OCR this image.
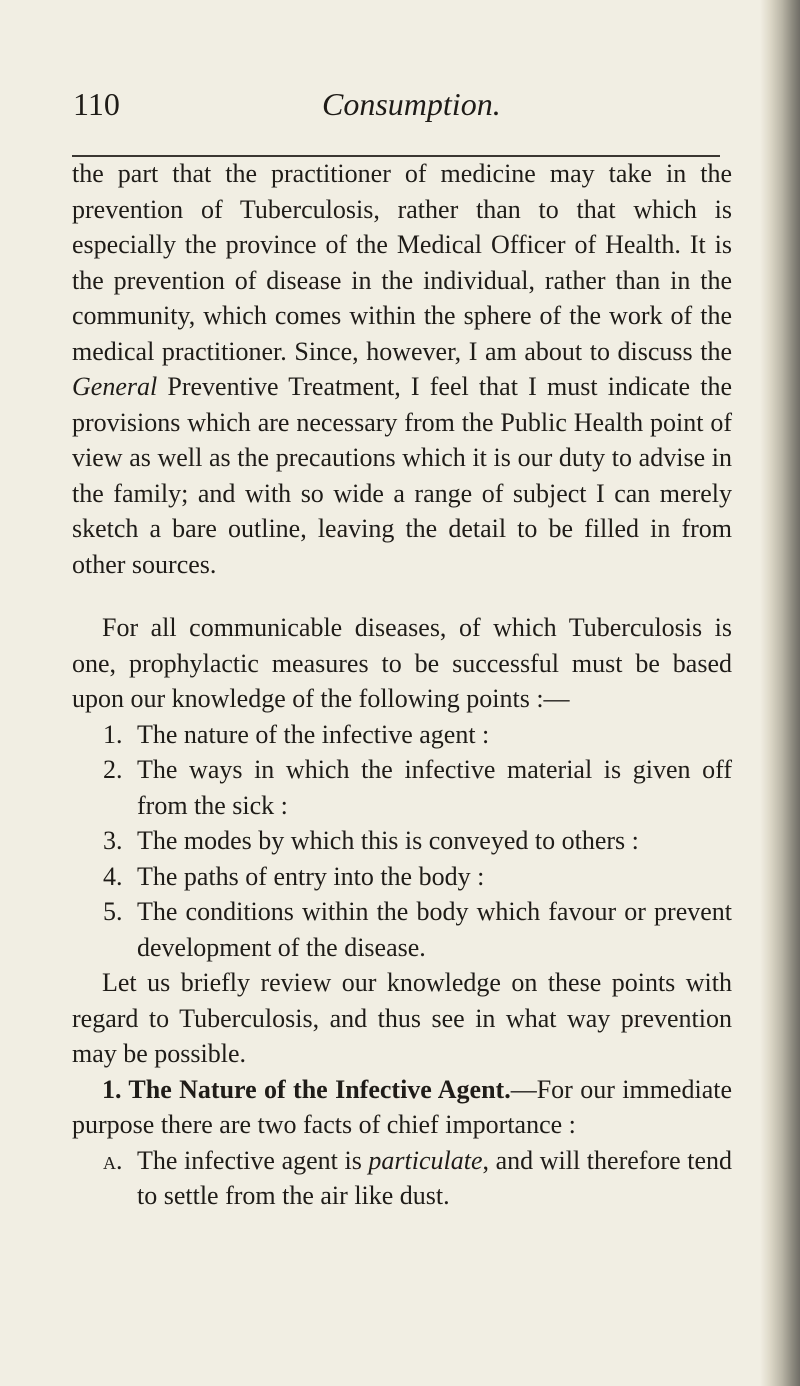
110	Consumption.

the part that the practitioner of medicine may take in the prevention of Tuberculosis, rather than to that which is especially the province of the Medical Officer of Health. It is the prevention of disease in the individual, rather than in the community, which comes within the sphere of the work of the medical practitioner. Since, however, I am about to discuss the General Preventive Treatment, I feel that I must indicate the provisions which are necessary from the Public Health point of view as well as the precautions which it is our duty to advise in the family; and with so wide a range of subject I can merely sketch a bare outline, leaving the detail to be filled in from other sources.

For all communicable diseases, of which Tuberculosis is one, prophylactic measures to be successful must be based upon our knowledge of the following points :—

1. The nature of the infective agent :
2. The ways in which the infective material is given off from the sick :
3. The modes by which this is conveyed to others :
4. The paths of entry into the body :
5. The conditions within the body which favour or prevent development of the disease.

Let us briefly review our knowledge on these points with regard to Tuberculosis, and thus see in what way prevention may be possible.

1. The Nature of the Infective Agent.—For our immediate purpose there are two facts of chief importance :

a. The infective agent is particulate, and will therefore tend to settle from the air like dust.
